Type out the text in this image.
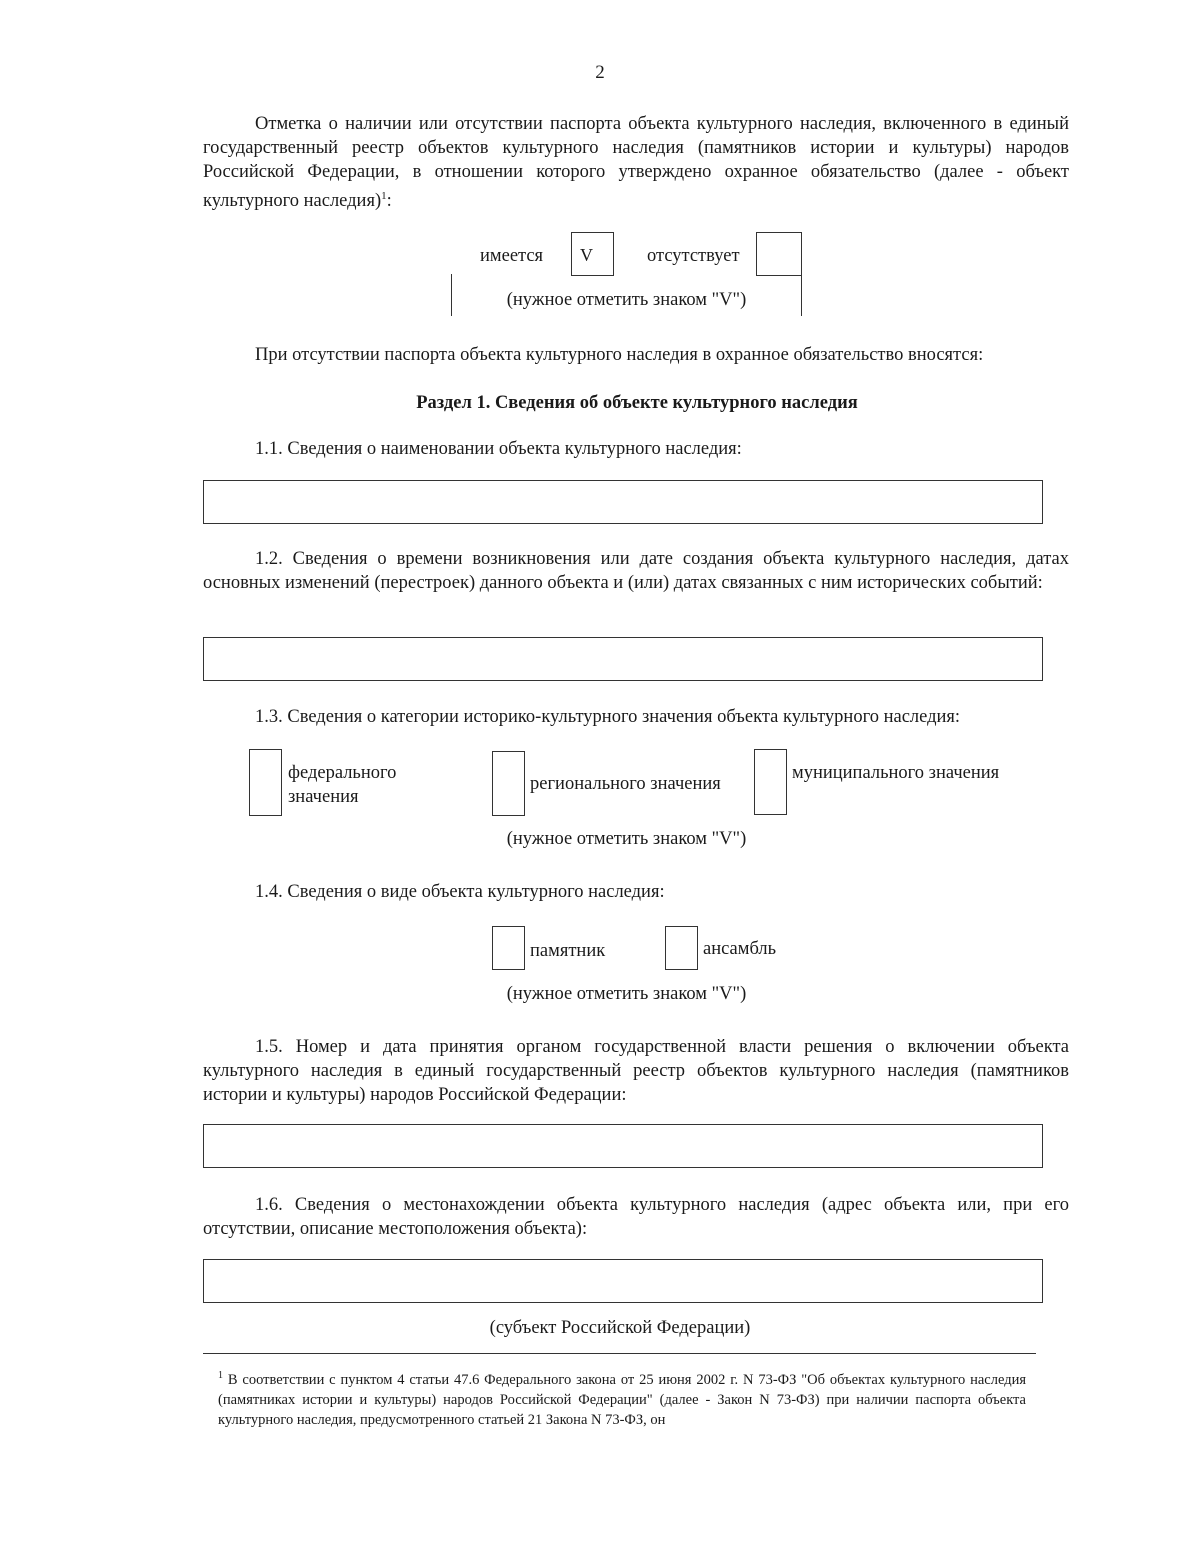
2

Отметка о наличии или отсутствии паспорта объекта культурного наследия, включенного в единый государственный реестр объектов культурного наследия (памятников истории и культуры) народов Российской Федерации, в отношении которого утверждено охранное обязательство (далее - объект культурного наследия)$^1$:

имеется V	отсутствует
(нужное отметить знаком "V")
При отсутствии паспорта объекта культурного наследия в охранное обязательство вносятся:
Раздел 1. Сведения об объекте культурного наследия
1.1. Сведения о наименовании объекта культурного наследия:

1.2. Сведения о времени возникновения или дате создания объекта культурного наследия, датах основных изменений (перестроек) данного объекта и (или) датах связанных с ним исторических событий:

1.3. Сведения о категории историко-культурного значения объекта культурного наследия:
федерального
значения
регионального значения
муниципального значения
(нужное отметить знаком "V")
1.4. Сведения о виде объекта культурного наследия:
памятник	ансамбль
(нужное отметить знаком "V")

1.5. Номер и дата принятия органом государственной власти решения о включении объекта культурного наследия в единый государственный реестр объектов культурного наследия (памятников истории и культуры) народов Российской Федерации:

1.6. Сведения о местонахождении объекта культурного наследия (адрес объекта или, при его отсутствии, описание местоположения объекта):

(субъект Российской Федерации)

$^1$ В соответствии с пунктом 4 статьи 47.6 Федерального закона от 25 июня 2002 г. N 73-ФЗ "Об объектах культурного наследия (памятниках истории и культуры) народов Российской Федерации" (далее - Закон N 73-ФЗ) при наличии паспорта объекта культурного наследия, предусмотренного статьей 21 Закона N 73-ФЗ, он
